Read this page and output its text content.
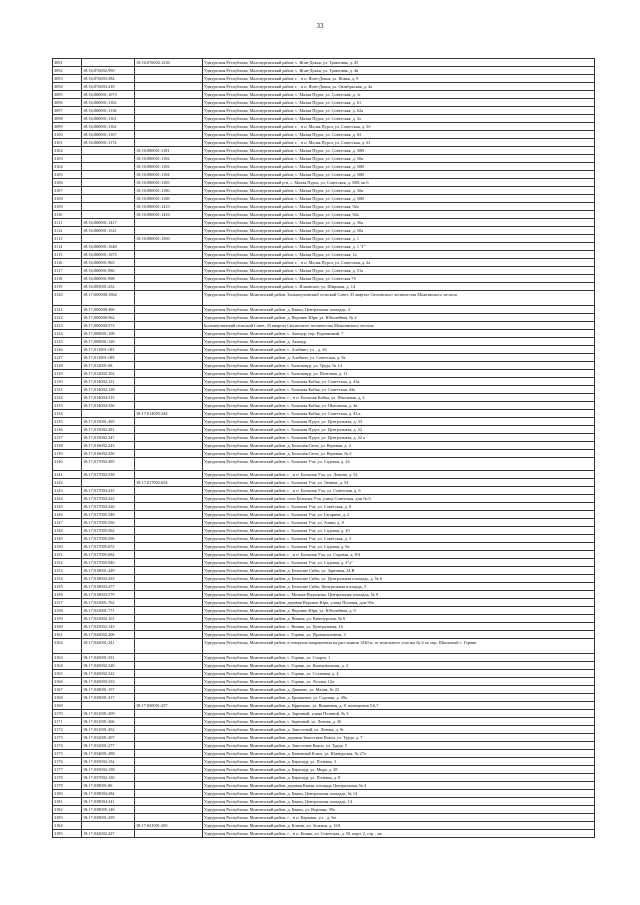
33
3091		18:16:076002:1236	Удмуртская Республика, Малопургинский район, с. Яган-Докья, ул. Трактовая, д. 45
3092	18:16:076002:990		Удмуртская Республика, Малопургинский район, с. Яган-Докья, ул. Трактовая, д. 4в
3093	18:16:076003:384		Удмуртская Республика, Малопургинский район, г. , н п. Яган-Докья, ул. Новая, д. 9
3094	18:16:076003:418		Удмуртская Республика, Малопургинский район, г. , н п. Яган-Докья, ул. Октябрьская, д. 4а
3095	18:16:080001:1073		Удмуртская Республика, Малопургинский район, с. Малая Пурга, ул. Советская, д. 1г
3096	18:16:080001:1102		Удмуртская Республика, Малопургинский район, с. Малая Пурга, ул. Советская, д. 61
3097	18:16:080001:1138		Удмуртская Республика, Малопургинский район, с. Малая Пурга, ул. Советская, д. 62а
3098	18:16:080001:1161		Удмуртская Республика, Малопургинский район, с. Малая Пурга, ул. Советская, д. 5а
3099	18:16:080001:1162		Удмуртская Республика, Малопургинский район, г. , н п. Малая Пурга, ул. Советская, д. 5б
3100	18:16:080001:1167		Удмуртская Республика, Малопургинский район, с. Малая Пурга, ул. Советская, д. 63
3101	18:16:080001:1172		Удмуртская Республика, Малопургинский район, г. , н п. Малая Пурга, ул. Советская, д. 61
3102		18:16:080001:1181	Удмуртская Республика, Малопургинский район, с. Малая Пурга, ул. Советская, д. 50В
3103		18:16:080001:1182	Удмуртская Республика, Малопургинский район, с. Малая Пурга, ул. Советская, д. 50в
3104		18:16:080001:1183	Удмуртская Республика, Малопургинский район, с. Малая Пурга, ул. Советская, д. 50В
3105		18:16:080001:1184	Удмуртская Республика, Малопургинский район, с. Малая Пурга, ул. Советская, д. 50В
3106		18:16:080001:1185	Удмуртская Республика, Малопургинский р-н, с. Малая Пурга, ул. Советская, д. 50В, кв 6
3107		18:16:080001:1186	Удмуртская Республика, Малопургинский район, с. Малая Пурга, ул. Советская, д. 50в
3108		18:16:080001:1188	Удмуртская Республика, Малопургинский район, с. Малая Пурга, ул. Советская, д. 50В
3109		18:16:080001:1415	Удмуртская Республика, Малопургинский район, с. Малая Пурга, ул. Советская, 92а
3110		18:16:080001:1416	Удмуртская Республика, Малопургинский район, с. Малая Пурга, ул. Советская, 92а
3111	18:16:080001:1417		Удмуртская Республика, Малопургинский район, с. Малая Пурга, ул. Советская, д. 56а
3112	18:16:080001:1521		Удмуртская Республика, Малопургинский район, с. Малая Пурга, ул. Советская, д. 50а
3113		18:16:080001:1569	Удмуртская Республика, Малопургинский район, с. Малая Пурга, ул. Советская, д. 1
3114	18:16:080001:1648		Удмуртская Республика, Малопургинский район, с. Малая Пурга, ул. Советская, д. 1 "Г"
3115	18:16:080001:1675		Удмуртская Республика, Малопургинский район, с. Малая Пурга, ул. Советская, 1а
3116	18:16:080001:965		Удмуртская Республика, Малопургинский район, г. , н п. Малая Пурга, ул. Советская, д. 2а
3117	18:16:080001:986		Удмуртская Республика, Малопургинский район, с. Малая Пурга, ул. Советская, д. 51а
3118	18:16:080001:998		Удмуртская Республика, Малопургинский район, с. Малая Пурга, ул. Советская 7б
3119	18:16:085001:252		Удмуртская Республика, Малопургинский район, с. Ильинское, ул. Широкая, д. 14
3120	18:17:000000:1964		Удмуртская Республика, Можгинский район, Большеучинский сельский Совет, 33 квартал Сюгинского лесничества Можгинского лесхоза
3121	18:17:000000:496		Удмуртская Республика, Можгинский район, д. Квачи, Центральная площадь, 4
3122	18:17:000000:562		Удмуртская Республика, Можгинский район, д. Верхние Юри, ул. Юбилейная, № 2
3123	18:17:000000:573		Большеучинский сельский Совет, 33 квартал Сюгинского лесничества Можгинского лесхоза
3124	18:17:008001:108		Удмуртская Республика, Можгинский район, с. Акашур, пер. Родниковый, 7
3125	18:17:008001:126		Удмуртская Республика, Можгинский район, д. Акашур
3126	18:17:011001:183		Удмуртская Республика, Можгинский район, с. Алабино, ул. , д. 43
3127	18:17:011001:189		Удмуртская Республика, Можгинский район, д. Алабино, ул. Советская, д. 9а
3128	18:17:012001:68		Удмуртская Республика, Можгинский район, с. Бальзяшур, ул. Труда, № 14
3129	18:17:012002:102		Удмуртская Республика, Можгинский район, с. Бальзяшур, ул. Почтовая, д. 11
3130	18:17:014002:131		Удмуртская Республика, Можгинский район, с. Большая Кибья, ул. Советская, д. 43а
3131	18:17:014002:138		Удмуртская Республика, Можгинский район, с. Большая Кибья, ул. Советская, 44а
3132	18:17:014004:315		Удмуртская Республика, Можгинский район, г. , н п. Большая Кибья, ул. Школьная, д. 2
3133	18:17:014004:336		Удмуртская Республика, Можгинский район, с. Большая Кибья, ул. Школьная, д. 2в
3134		18:17:014005:344	Удмуртская Республика, Можгинский район, с. Большая Кибья, ул. Советская, д. 43 а
3135	18:17:015001:495		Удмуртская Республика, Можгинский район, с. Большая Пудга, ул. Центральная, д. 33
3136	18:17:015002:281		Удмуртская Республика, Можгинский район, с. Большая Пудга, ул. Центральная, д. 22
3137	18:17:015002:347		Удмуртская Республика, Можгинский район, с. Большая Пудга, ул. Центральная, д. 22 а
3138	18:17:016002:243		Удмуртская Республика, Можгинский район, д. Большая Сюга, ул. Верхняя, д. 4
3139	18:17:016002:256		Удмуртская Республика, Можгинский район, д. Большая Сюга, ул. Верхняя, № 2
3140	18:17:017002:495		Удмуртская Республика, Можгинский район, с. Большая Уча, ул. Садовая, д. 24
3141	18:17:017002:538		Удмуртская Республика, Можгинский район, г. , н п. Большая Уча, ул. Ленина, д. 52
3142		18:17:017002:654	Удмуртская Республика, Можгинский район, с. Большая Уча, ул. Ленина, д. 54
3143	18:17:017003:415		Удмуртская Республика, Можгинский район, г. , н п. Большая Уча, ул. Советская, д. 6
3144	18:17:017003:422		Удмуртская Республика, Можгинский район, село Большая Уча, улица Советская, дом № 6
3145	18:17:017003:426		Удмуртская Республика, Можгинский район, с. Большая Уча, ул. Советская, д. 8
3146	18:17:017005:548		Удмуртская Республика, Можгинский район, с. Большая Уча, ул. Гагарина, д. 2
3147	18:17:017005:556		Удмуртская Республика, Можгинский район, с. Большая Уча, ул. Азина, д. 8
3148	18:17:017005:562		Удмуртская Республика, Можгинский район, с. Большая Уча, ул. Садовая, д. 20
3149	18:17:017005:596		Удмуртская Республика, Можгинский район, с. Большая Уча, ул. Советская, д. 3
3150	18:17:017005:672		Удмуртская Республика, Можгинский район, с. Большая Уча, ул. Садовая, д. 9а
3151	18:17:017005:684		Удмуртская Республика, Можгинский район, г. , н п. Большая Уча, ул. Садовая, д. 8/4
3152	18:17:017005:940		Удмуртская Республика, Можгинский район, с. Большая Уча, ул. Садовая, д. 3"а"
3153	18:17:018001:429		Удмуртская Республика, Можгинский район, д. Большие Сибы, ул. Заречная, 24 В
3154	18:17:018003:433		Удмуртская Республика, Можгинский район, д. Большие Сибы, ул. Центральная площадь, д. № 6
3155	18:17:018003:477		Удмуртская Республика, Можгинский район, д. Большие Сибы, Центральная площадь, 5
3156	18:17:018003:579		Удмуртская Республика, Можгинский район, с. Мельна-Вадасково, Центральная площадь, № 9
3157	18:17:023001:762		Удмуртская Республика, Можгинский район, деревня Верхние Юри, улица Полевая, дом 90а
3158	18:17:023001:771		Удмуртская Республика, Можгинский район, д. Верхние Юри, ул. Юбилейная, д. 9
3159	18:17:023002:101		Удмуртская Республика, Можгинский район, д. Вишня, ул. Вишнурская, № 6
3160	18:17:025002:143		Удмуртская Республика, Можгинский район, с. Вишня, ул. Центральная, 14
3161	18:17:026002:206		Удмуртская Республика, Можгинский район, с. Горняк, ул. Промышленная, 3
3162	18:17:026001:241		Удмуртская Республика, Можгинский район, в северном направлении на расстоянии 1440 м. от земельного участка № 6 по пер. Школьный с. Горняк
3163	18:17:026001:331		Удмуртская Республика, Можгинский район, с. Горняк, ул. Спорта, 1
3164	18:17:026002:320		Удмуртская Республика, Можгинский район, с. Горняк, ул. Коммунальная, д. 2
3165	18:17:026002:322		Удмуртская Республика, Можгинский район, с. Горняк, ул. Сосновая, д. 4
3166	18:17:026003:333		Удмуртская Республика, Можгинский район, с. Горняк, ул. Лесная, 12а
3167	18:17:028001:157		Удмуртская Республика, Можгинский район, д. Дамаево, ул. Малая, № 22
3168	18:17:029001:317		Удмуртская Республика, Можгинский район, д. Бровынью, ул. Садовая, д. 28а
3169		18:17:030001:257	Удмуртская Республика, Можгинский район, д. Ефремово, ул. Вишневая, д. 8, помещения 5,6,7
3170	18:17:031001:209		Удмуртская Республика, Можгинский район, д. Заречный, улица Полевой, № 3
3171	18:17:031001:266		Удмуртская Республика, Можгинский район, с. Заречный, ул. Лечная, д. 26
3172	18:17:031001:452		Удмуртская Республика, Можгинский район, д. Замостный, ул. Лечная, д. 9г
3173	18:17:032001:207		Удмуртская Республика, Можгинский район, деревня Замостные Какси, ул. Труда, д. 7
3174	18:17:032001:277		Удмуртская Республика, Можгинский район, д. Замостные Какси, ул. Труда, 5
3175	18:17:034001:288		Удмуртская Республика, Можгинский район, д. Каменный Ключ, ул. Южнурская, № 27а
3176	18:17:035002:154		Удмуртская Республика, Можгинский район, д. Карашур, ул. Полевая, 3
3177	18:17:035002:158		Удмуртская Республика, Можгинский район, д. Карашур, ул. Мира, д. 28
3178	18:17:037002:130		Удмуртская Республика, Можгинский район, д. Карашур, ул. Полевая, д. 8
3179	18:17:038001:86		Удмуртская Республика, Можгинский район, деревня Квачи, площадь Центральная, № 4
3180	18:17:038004:284		Удмуртская Республика, Можгинский район, д. Квачи, Центральная площадь, № 14
3181	18:17:038004:341		Удмуртская Республика, Можгинский район, д. Квачи, Центральная площадь, 14
3182	18:17:038005:146		Удмуртская Республика, Можгинский район, д. Квачи, ул. Верхняя, 39а
3183	18:17:039001:259		Удмуртская Республика, Можгинский район, г. , н п. Керамик, ул. , д. 6н
3184		18:17:041001:205	Удмуртская Республика, Можгинский район, д. Ключи, ул. Зеленая, д. 16А
3185	18:17:042002:427		Удмуртская Республика, Можгинский район, г. , н п. Комяк, ул. Советская, д. 50, корп. 2, стр. , кв
